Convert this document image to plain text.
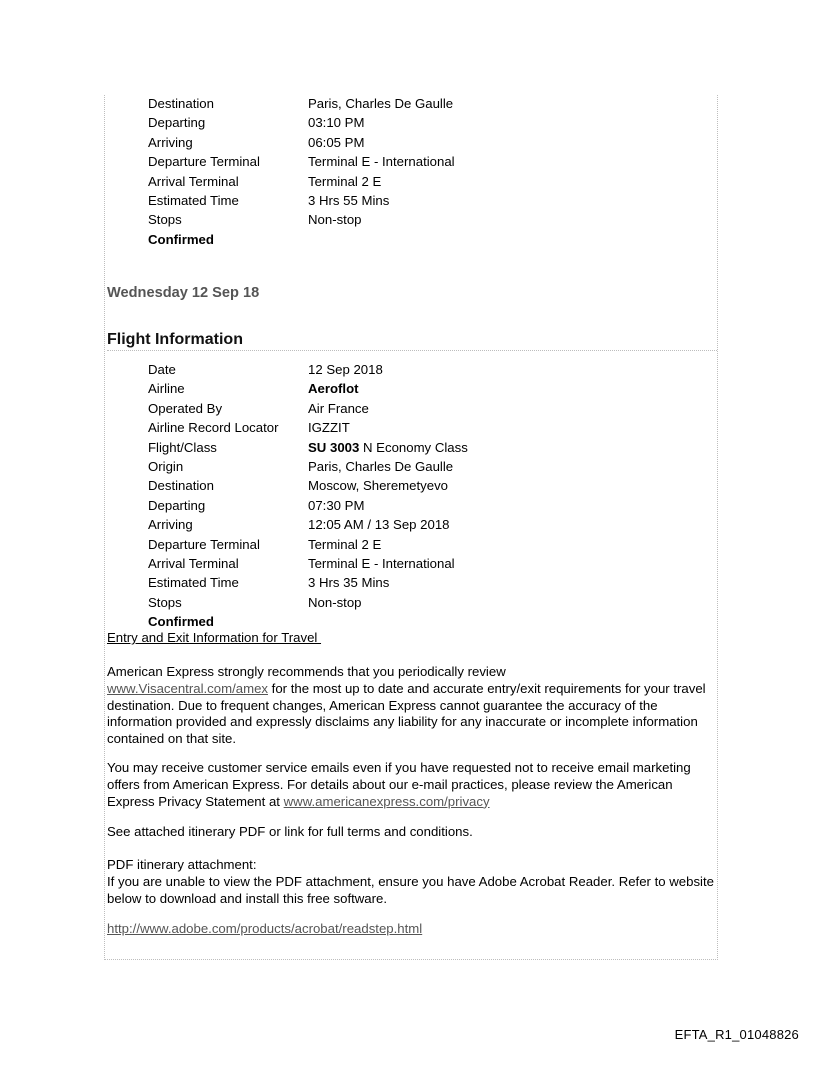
Destination	Paris, Charles De Gaulle
Departing	03:10 PM
Arriving	06:05 PM
Departure Terminal	Terminal E - International
Arrival Terminal	Terminal 2 E
Estimated Time	3 Hrs 55 Mins
Stops	Non-stop
Confirmed
Wednesday 12 Sep 18
Flight Information
Date	12 Sep 2018
Airline	Aeroflot
Operated By	Air France
Airline Record Locator	IGZZIT
Flight/Class	SU 3003 N Economy Class
Origin	Paris, Charles De Gaulle
Destination	Moscow, Sheremetyevo
Departing	07:30 PM
Arriving	12:05 AM / 13 Sep 2018
Departure Terminal	Terminal 2 E
Arrival Terminal	Terminal E - International
Estimated Time	3 Hrs 35 Mins
Stops	Non-stop
Confirmed
Entry and Exit Information for Travel
American Express strongly recommends that you periodically review
www.Visacentral.com/amex for the most up to date and accurate entry/exit requirements for your travel destination. Due to frequent changes, American Express cannot guarantee the accuracy of the information provided and expressly disclaims any liability for any inaccurate or incomplete information contained on that site.
You may receive customer service emails even if you have requested not to receive email marketing offers from American Express. For details about our e-mail practices, please review the American Express Privacy Statement at www.americanexpress.com/privacy
See attached itinerary PDF or link for full terms and conditions.
PDF itinerary attachment:
If you are unable to view the PDF attachment, ensure you have Adobe Acrobat Reader. Refer to website below to download and install this free software.
http://www.adobe.com/products/acrobat/readstep.html
EFTA_R1_01048826
